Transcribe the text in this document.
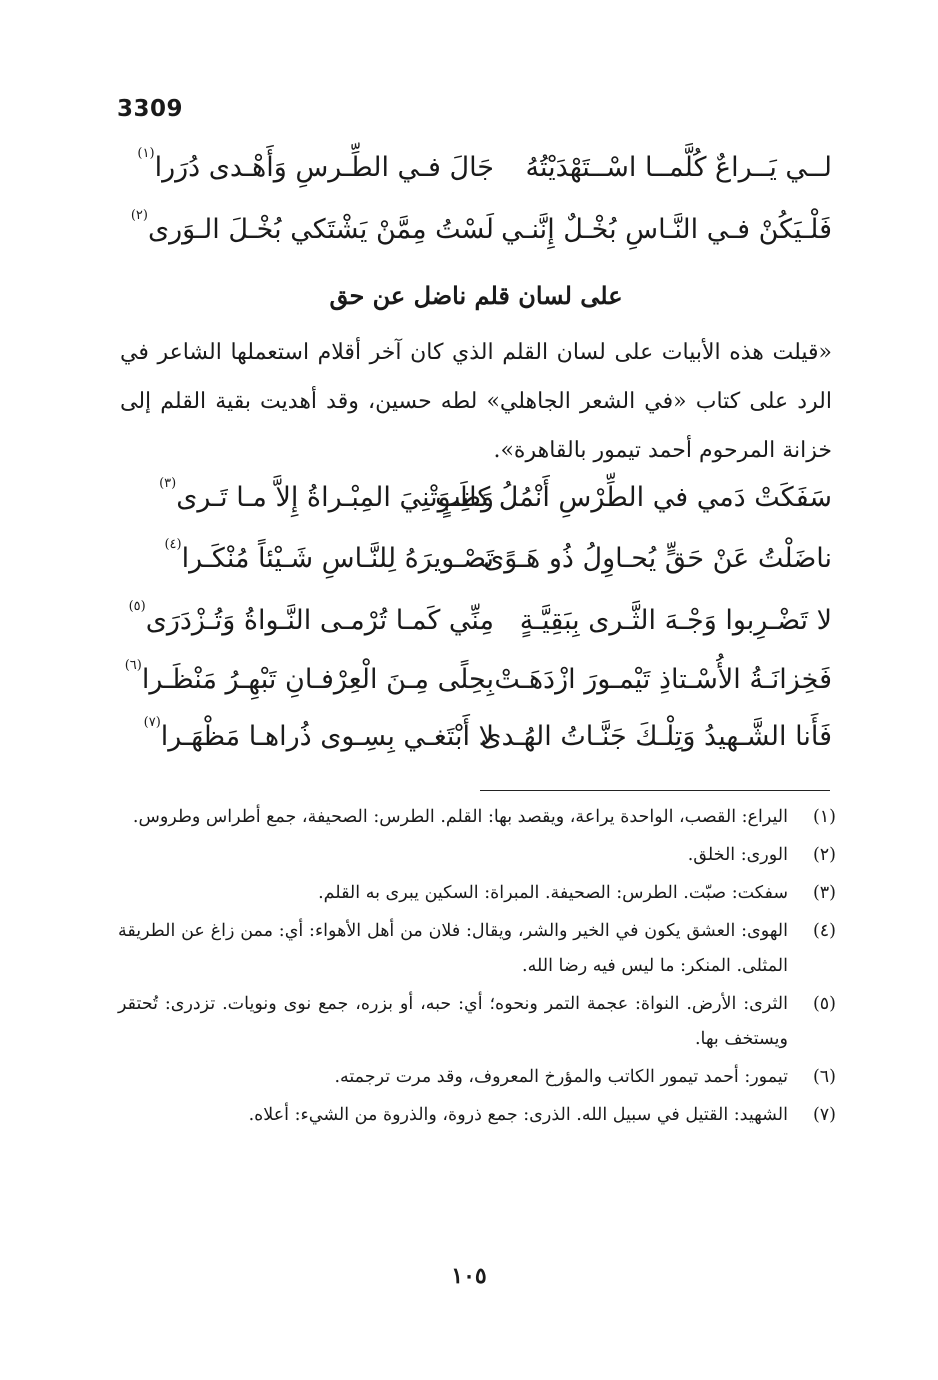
3309
لــي يَــراعٌ كُلَّمــا اسْــتَهْدَيْتُهُ
جَالَ فـي الطِّـرسِ وَأَهْـدى دُرَرا$^{(١)}$
فَلْـيَكُنْ فـي النَّـاسِ بُخْـلٌ إِنَّنـي
لَسْتُ مِمَّنْ يَشْتَكي بُخْـلَ الـوَرى$^{(٢)}$
على لسان قلم ناضل عن حق
«قيلت هذه الأبيات على لسان القلم الذي كان آخر أقلام استعملها الشاعر في الرد على كتاب «في الشعر الجاهلي» لطه حسين، وقد أهديت بقية القلم إلى خزانة المرحوم أحمد تيمور بالقاهرة».
سَفَكَتْ دَمي في الطِّرْسِ أَنْمُلُ كاتِبٍ
وَطَـوَتْنِيَ المِبْـراةُ إِلاَّ مـا تَـرى$^{(٣)}$
ناضَلْتُ عَنْ حَقٍّ يُحـاوِلُ ذُو هَـوًى
تَصْـويرَهُ لِلنَّـاسِ شَـيْئاً مُنْكَـرا$^{(٤)}$
لا تَضْـرِبوا وَجْـهَ الثَّـرى بِبَقِيَّـةٍ
مِنِّي كَمـا تُرْمـى النَّـواةُ وَتُـزْدَرَى$^{(٥)}$
فَخِزانَـةُ الأُسْـتاذِ تَيْمـورَ ازْدَهَـتْ
بِحِلًى مِـنَ الْعِرْفـانِ تَبْهِـرُ مَنْظَـرا$^{(٦)}$
فَأَنا الشَّـهيدُ وَتِلْـكَ جَنَّـاتُ الهُـدى
لا أَبْتَغـي بِسِـوى ذُراهـا مَظْهَـرا$^{(٧)}$
(١)
اليراع: القصب، الواحدة يراعة، ويقصد بها: القلم. الطرس: الصحيفة، جمع أطراس وطروس.
(٢)
الورى: الخلق.
(٣)
سفكت: صبّت. الطرس: الصحيفة. المبراة: السكين يبرى به القلم.
(٤)
الهوى: العشق يكون في الخير والشر، ويقال: فلان من أهل الأهواء: أي: ممن زاغ عن الطريقة المثلى. المنكر: ما ليس فيه رضا الله.
(٥)
الثرى: الأرض. النواة: عجمة التمر ونحوه؛ أي: حبه، أو بزره، جمع نوى ونويات. تزدرى: تُحتقر ويستخف بها.
(٦)
تيمور: أحمد تيمور الكاتب والمؤرخ المعروف، وقد مرت ترجمته.
(٧)
الشهيد: القتيل في سبيل الله. الذرى: جمع ذروة، والذروة من الشيء: أعلاه.
١٠٥
